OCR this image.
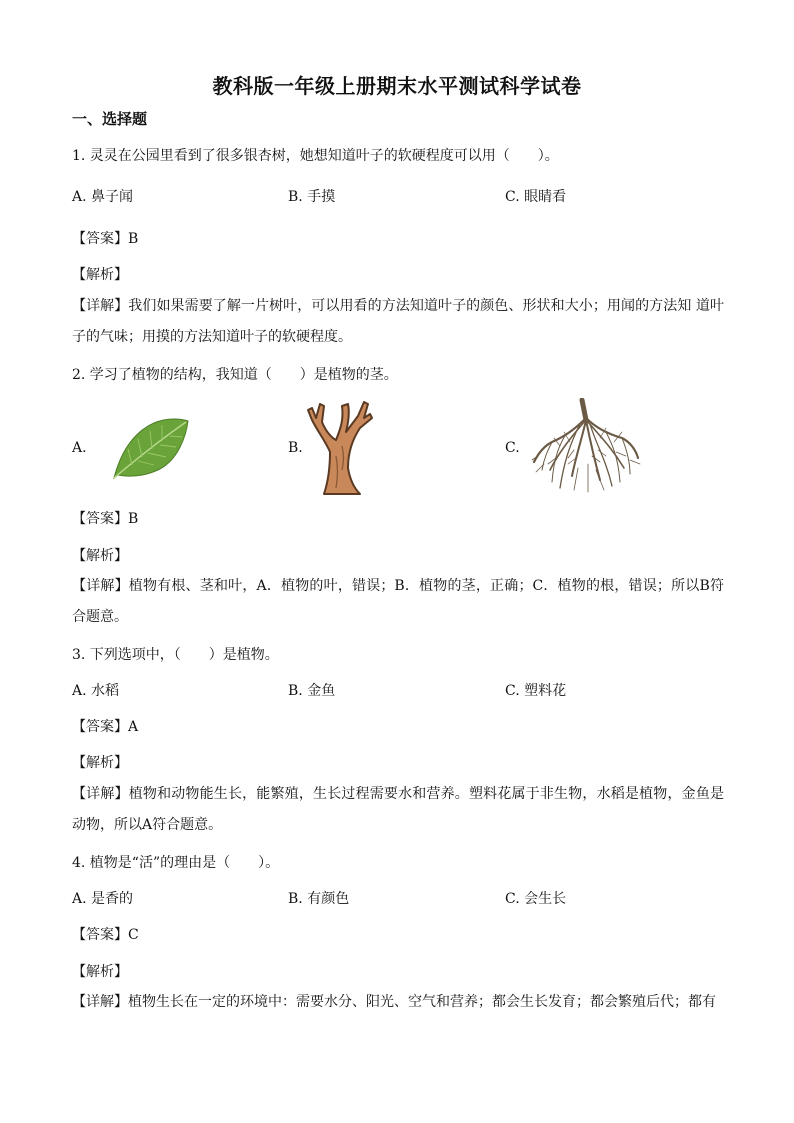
教科版一年级上册期末水平测试科学试卷
一、选择题
1. 灵灵在公园里看到了很多银杏树，她想知道叶子的软硬程度可以用（　　）。
A. 鼻子闻	B. 手摸	C. 眼睛看
【答案】B
【解析】
【详解】我们如果需要了解一片树叶，可以用看的方法知道叶子的颜色、形状和大小；用闻的方法知 道叶子的气味；用摸的方法知道叶子的软硬程度。
2. 学习了植物的结构，我知道（　　）是植物的茎。
A.	B.	C.
【答案】B
【解析】
【详解】植物有根、茎和叶，A．植物的叶，错误；B．植物的茎，正确；C．植物的根，错误；所以B符合题意。
3. 下列选项中，（　　）是植物。
A. 水稻	B. 金鱼	C. 塑料花
【答案】A
【解析】
【详解】植物和动物能生长，能繁殖，生长过程需要水和营养。塑料花属于非生物，水稻是植物，金鱼是动物，所以A符合题意。
4. 植物是“活”的理由是（　　）。
A. 是香的	B. 有颜色	C. 会生长
【答案】C
【解析】
【详解】植物生长在一定的环境中：需要水分、阳光、空气和营养；都会生长发育；都会繁殖后代；都有
